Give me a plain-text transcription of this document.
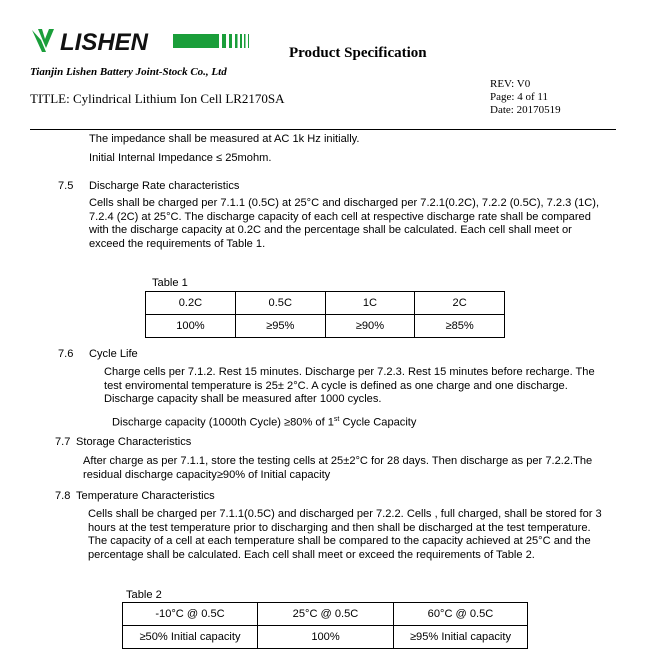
LISHEN
Tianjin Lishen Battery Joint-Stock Co., Ltd
Product Specification
TITLE: Cylindrical Lithium Ion Cell LR2170SA
REV: V0
Page: 4 of 11
Date: 20170519
The impedance shall be measured at AC 1k Hz initially.
Initial Internal Impedance ≤ 25mohm.
7.5 Discharge Rate characteristics
Cells shall be charged per 7.1.1 (0.5C) at 25°C and discharged per 7.2.1(0.2C), 7.2.2 (0.5C), 7.2.3 (1C),
7.2.4 (2C) at 25°C. The discharge capacity of each cell at respective discharge rate shall be compared
with the discharge capacity at 0.2C and the percentage shall be calculated. Each cell shall meet or
exceed the requirements of Table 1.
Table 1
0.2C	0.5C	1C	2C
100%	≥95%	≥90%	≥85%
7.6 Cycle Life
Charge cells per 7.1.2. Rest 15 minutes. Discharge per 7.2.3. Rest 15 minutes before recharge. The
test enviromental temperature is 25± 2°C. A cycle is defined as one charge and one discharge.
Discharge capacity shall be measured after 1000 cycles.
Discharge capacity (1000th Cycle) ≥80% of 1st Cycle Capacity
7.7 Storage Characteristics
After charge as per 7.1.1, store the testing cells at 25±2°C for 28 days. Then discharge as per 7.2.2.The
residual discharge capacity≥90% of Initial capacity
7.8 Temperature Characteristics
Cells shall be charged per 7.1.1(0.5C) and discharged per 7.2.2. Cells , full charged, shall be stored for 3
hours at the test temperature prior to discharging and then shall be discharged at the test temperature.
The capacity of a cell at each temperature shall be compared to the capacity achieved at 25°C and the
percentage shall be calculated. Each cell shall meet or exceed the requirements of Table 2.
Table 2
-10°C @ 0.5C	25°C @ 0.5C	60°C @ 0.5C
≥50% Initial capacity	100%	≥95% Initial capacity
